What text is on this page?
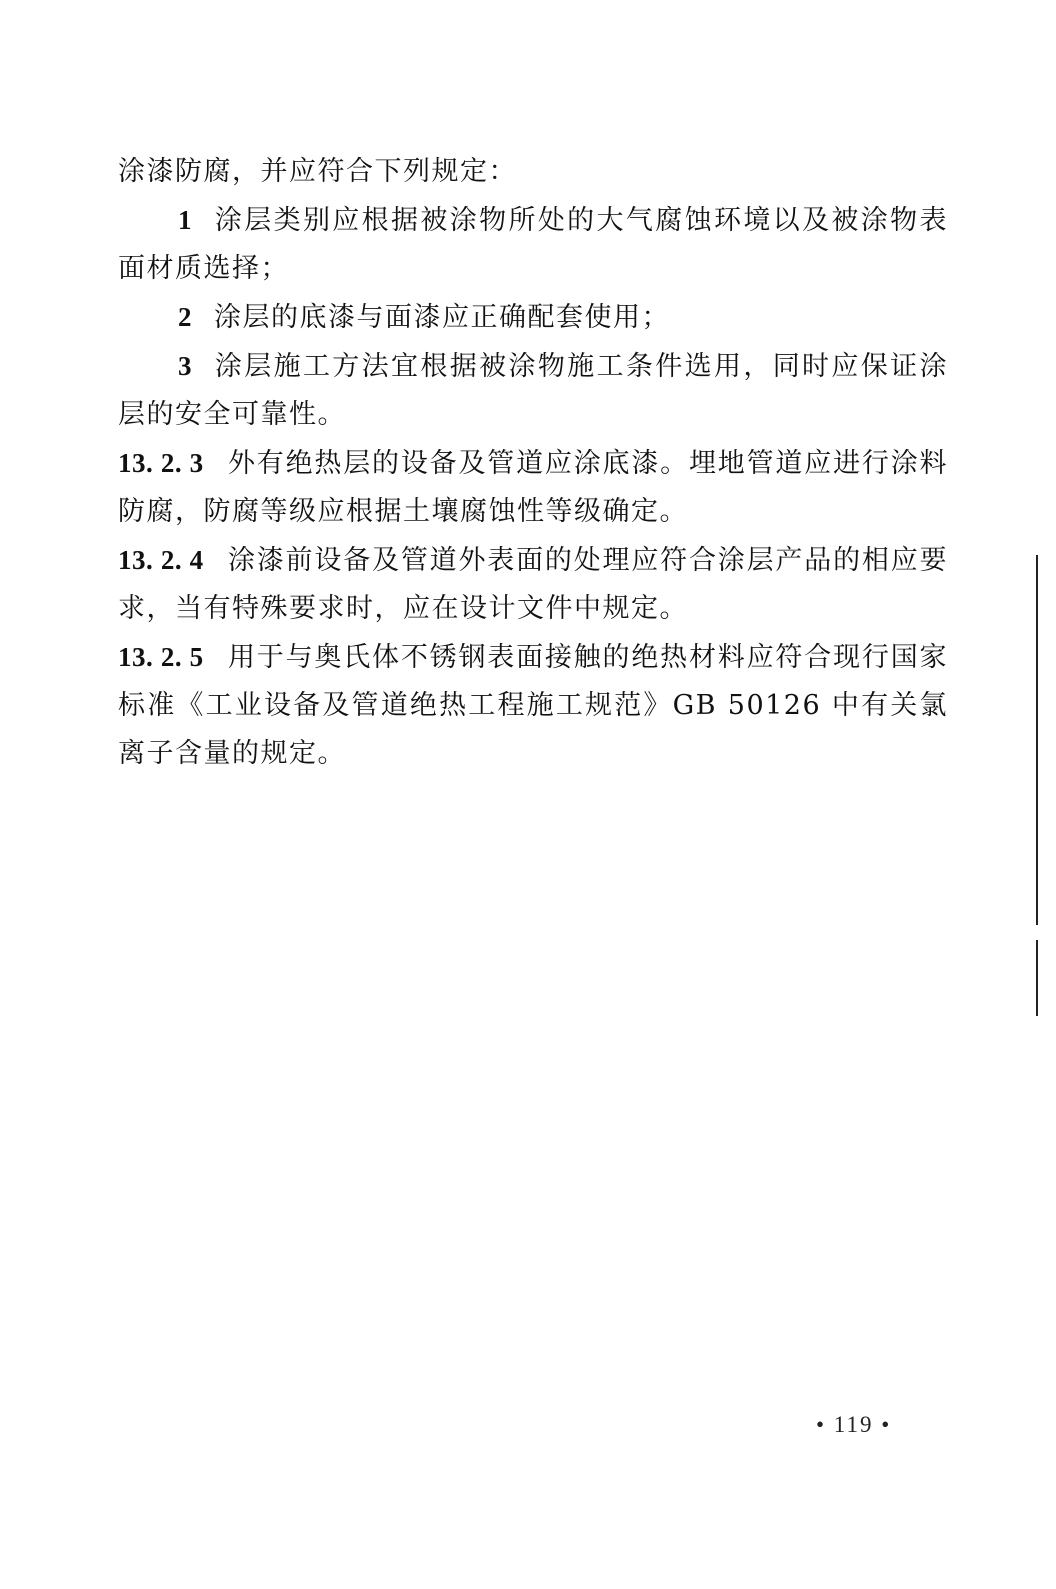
涂漆防腐，并应符合下列规定：

1 涂层类别应根据被涂物所处的大气腐蚀环境以及被涂物表面材质选择；

2 涂层的底漆与面漆应正确配套使用；

3 涂层施工方法宜根据被涂物施工条件选用，同时应保证涂层的安全可靠性。

13. 2. 3 外有绝热层的设备及管道应涂底漆。埋地管道应进行涂料防腐，防腐等级应根据土壤腐蚀性等级确定。

13. 2. 4 涂漆前设备及管道外表面的处理应符合涂层产品的相应要求，当有特殊要求时，应在设计文件中规定。

13. 2. 5 用于与奥氏体不锈钢表面接触的绝热材料应符合现行国家标准《工业设备及管道绝热工程施工规范》GB 50126 中有关氯离子含量的规定。

• 119 •
